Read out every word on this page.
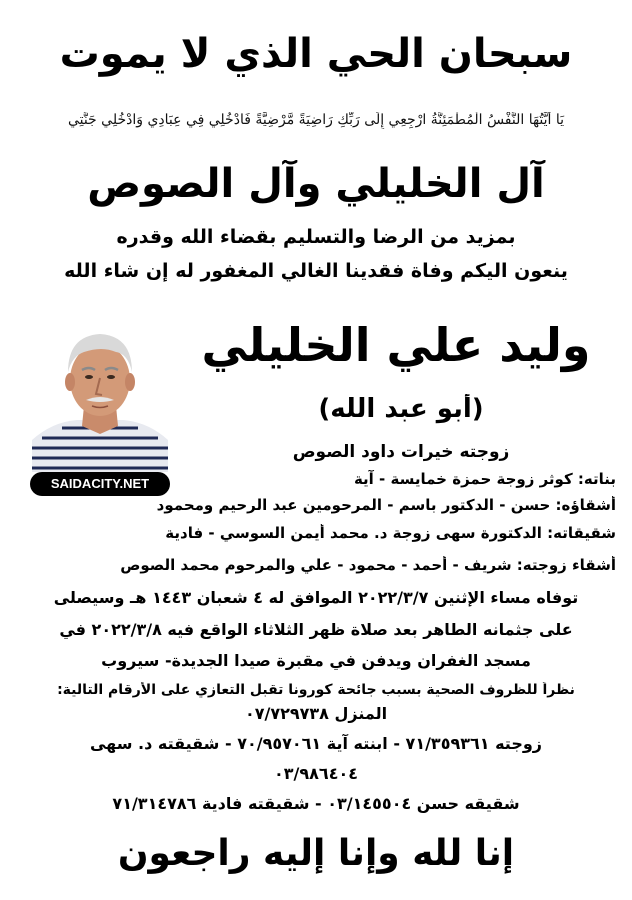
سبحان الحي الذي لا يموت
يَا أَيَّتُهَا النَّفْسُ الْمُطْمَئِنَّةُ ارْجِعِي إِلَى رَبِّكِ رَاضِيَةً مَّرْضِيَّةً فَادْخُلِي فِي عِبَادِي وَادْخُلِي جَنَّتِي
آل الخليلي وآل الصوص
بمزيد من الرضا والتسليم بقضاء الله وقدره
ينعون اليكم وفاة فقدينا الغالي المغفور له إن شاء الله
وليد علي الخليلي
(أبو عبد الله)
زوجته خيرات داود الصوص
SAIDACITY.NET	بناته: كوثر زوجة حمزة خمايسة - آية
أشقاؤه: حسن - الدكتور باسم - المرحومين عبد الرحيم ومحمود
شقيقاته: الدكتورة سهى زوجة د. محمد أيمن السوسي - فادية
أشقاء زوجته: شريف - أحمد - محمود - علي والمرحوم محمد الصوص
توفاه مساء الإثنين ٢٠٢٢/٣/٧ الموافق له ٤ شعبان ١٤٤٣ هـ وسيصلى
على جثمانه الطاهر بعد صلاة ظهر الثلاثاء الواقع فيه ٢٠٢٢/٣/٨ في
مسجد الغفران ويدفن في مقبرة صيدا الجديدة- سيروب
نظراً للظروف الصحية بسبب جائحة كورونا تقبل التعازي على الأرقام التالية:
المنزل ٠٧/٧٢٩٧٣٨
زوجته ٧١/٣٥٩٣٦١ - ابنته آية ٧٠/٩٥٧٠٦١ - شقيقته د. سهى
٠٣/٩٨٦٤٠٤
شقيقه حسن ٠٣/١٤٥٥٠٤ - شقيقته فادية ٧١/٣١٤٧٨٦
إنا لله وإنا إليه راجعون
